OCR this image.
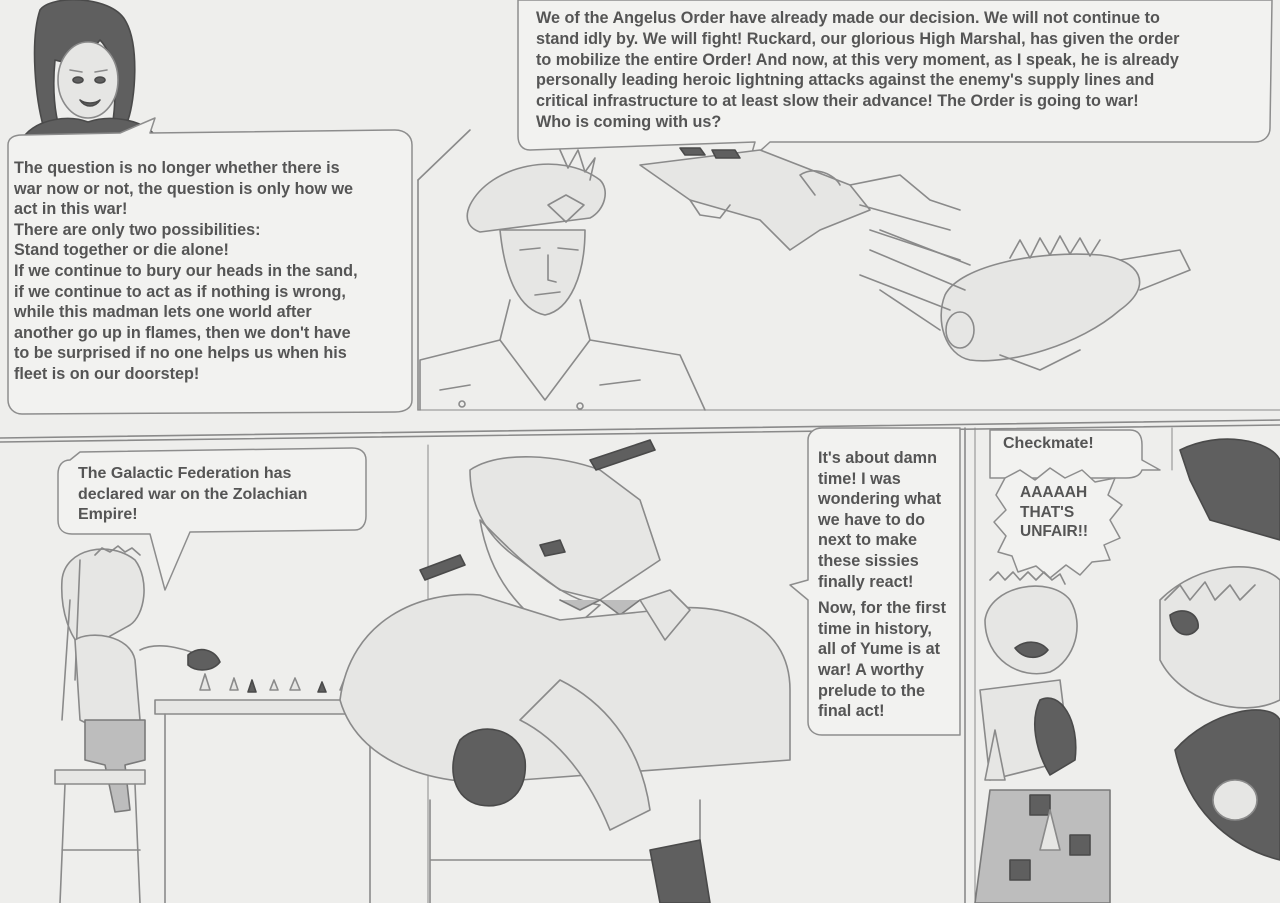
The question is no longer whether there is
war now or not, the question is only how we
act in this war!
There are only two possibilities:
Stand together or die alone!
If we continue to bury our heads in the sand,
if we continue to act as if nothing is wrong,
while this madman lets one world after
another go up in flames, then we don't have
to be surprised if no one helps us when his
fleet is on our doorstep!
We of the Angelus Order have already made our decision. We will not continue to
stand idly by. We will fight! Ruckard, our glorious High Marshal, has given the order
to mobilize the entire Order! And now, at this very moment, as I speak, he is already
personally leading heroic lightning attacks against the enemy's supply lines and
critical infrastructure to at least slow their advance! The Order is going to war!
Who is coming with us?
The Galactic Federation has
declared war on the Zolachian
Empire!

It's about damn
time! I was
wondering what
we have to do
next to make
these sissies
finally react!

Now, for the first
time in history,
all of Yume is at
war! A worthy
prelude to the
final act!

Checkmate!
AAAAAH
THAT'S
UNFAIR!!
